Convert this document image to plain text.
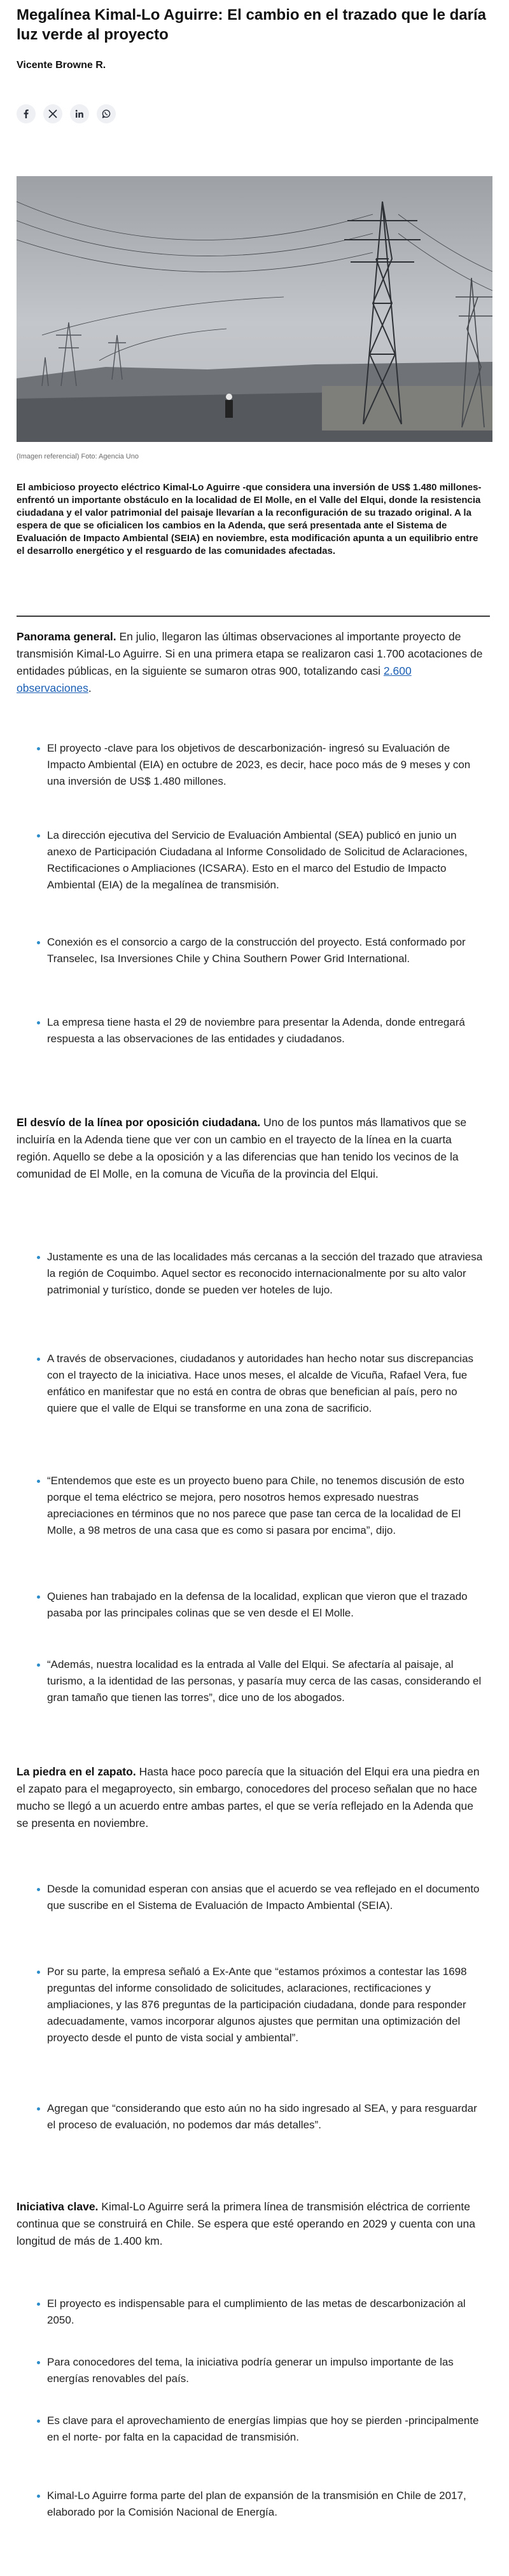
Megalínea Kimal-Lo Aguirre: El cambio en el trazado que le daría luz verde al proyecto
Vicente Browne R.
(Imagen referencial) Foto: Agencia Uno

El ambicioso proyecto eléctrico Kimal-Lo Aguirre -que considera una inversión de US$ 1.480 millones- enfrentó un importante obstáculo en la localidad de El Molle, en el Valle del Elqui, donde la resistencia ciudadana y el valor patrimonial del paisaje llevarían a la reconfiguración de su trazado original. A la espera de que se oficialicen los cambios en la Adenda, que será presentada ante el Sistema de Evaluación de Impacto Ambiental (SEIA) en noviembre, esta modificación apunta a un equilibrio entre el desarrollo energético y el resguardo de las comunidades afectadas.

Panorama general. En julio, llegaron las últimas observaciones al importante proyecto de transmisión Kimal-Lo Aguirre. Si en una primera etapa se realizaron casi 1.700 acotaciones de entidades públicas, en la siguiente se sumaron otras 900, totalizando casi 2.600 observaciones.

El proyecto -clave para los objetivos de descarbonización- ingresó su Evaluación de Impacto Ambiental (EIA) en octubre de 2023, es decir, hace poco más de 9 meses y con una inversión de US$ 1.480 millones.
La dirección ejecutiva del Servicio de Evaluación Ambiental (SEA) publicó en junio un anexo de Participación Ciudadana al Informe Consolidado de Solicitud de Aclaraciones, Rectificaciones o Ampliaciones (ICSARA). Esto en el marco del Estudio de Impacto Ambiental (EIA) de la megalínea de transmisión.
Conexión es el consorcio a cargo de la construcción del proyecto. Está conformado por Transelec, Isa Inversiones Chile y China Southern Power Grid International.
La empresa tiene hasta el 29 de noviembre para presentar la Adenda, donde entregará respuesta a las observaciones de las entidades y ciudadanos.

El desvío de la línea por oposición ciudadana. Uno de los puntos más llamativos que se incluiría en la Adenda tiene que ver con un cambio en el trayecto de la línea en la cuarta región. Aquello se debe a la oposición y a las diferencias que han tenido los vecinos de la comunidad de El Molle, en la comuna de Vicuña de la provincia del Elqui.

Justamente es una de las localidades más cercanas a la sección del trazado que atraviesa la región de Coquimbo. Aquel sector es reconocido internacionalmente por su alto valor patrimonial y turístico, donde se pueden ver hoteles de lujo.
A través de observaciones, ciudadanos y autoridades han hecho notar sus discrepancias con el trayecto de la iniciativa. Hace unos meses, el alcalde de Vicuña, Rafael Vera, fue enfático en manifestar que no está en contra de obras que benefician al país, pero no quiere que el valle de Elqui se transforme en una zona de sacrificio.
“Entendemos que este es un proyecto bueno para Chile, no tenemos discusión de esto porque el tema eléctrico se mejora, pero nosotros hemos expresado nuestras apreciaciones en términos que no nos parece que pase tan cerca de la localidad de El Molle, a 98 metros de una casa que es como si pasara por encima”, dijo.
Quienes han trabajado en la defensa de la localidad, explican que vieron que el trazado pasaba por las principales colinas que se ven desde el El Molle.
“Además, nuestra localidad es la entrada al Valle del Elqui. Se afectaría al paisaje, al turismo, a la identidad de las personas, y pasaría muy cerca de las casas, considerando el gran tamaño que tienen las torres”, dice uno de los abogados.

La piedra en el zapato. Hasta hace poco parecía que la situación del Elqui era una piedra en el zapato para el megaproyecto, sin embargo, conocedores del proceso señalan que no hace mucho se llegó a un acuerdo entre ambas partes, el que se vería reflejado en la Adenda que se presenta en noviembre.

Desde la comunidad esperan con ansias que el acuerdo se vea reflejado en el documento que suscribe en el Sistema de Evaluación de Impacto Ambiental (SEIA).
Por su parte, la empresa señaló a Ex-Ante que “estamos próximos a contestar las 1698 preguntas del informe consolidado de solicitudes, aclaraciones, rectificaciones y ampliaciones, y las 876 preguntas de la participación ciudadana, donde para responder adecuadamente, vamos incorporar algunos ajustes que permitan una optimización del proyecto desde el punto de vista social y ambiental”.
Agregan que “considerando que esto aún no ha sido ingresado al SEA, y para resguardar el proceso de evaluación, no podemos dar más detalles”.

Iniciativa clave. Kimal-Lo Aguirre será la primera línea de transmisión eléctrica de corriente continua que se construirá en Chile. Se espera que esté operando en 2029 y cuenta con una longitud de más de 1.400 km.

El proyecto es indispensable para el cumplimiento de las metas de descarbonización al 2050.
Para conocedores del tema, la iniciativa podría generar un impulso importante de las energías renovables del país.
Es clave para el aprovechamiento de energías limpias que hoy se pierden -principalmente en el norte- por falta en la capacidad de transmisión.
Kimal-Lo Aguirre forma parte del plan de expansión de la transmisión en Chile de 2017, elaborado por la Comisión Nacional de Energía.
